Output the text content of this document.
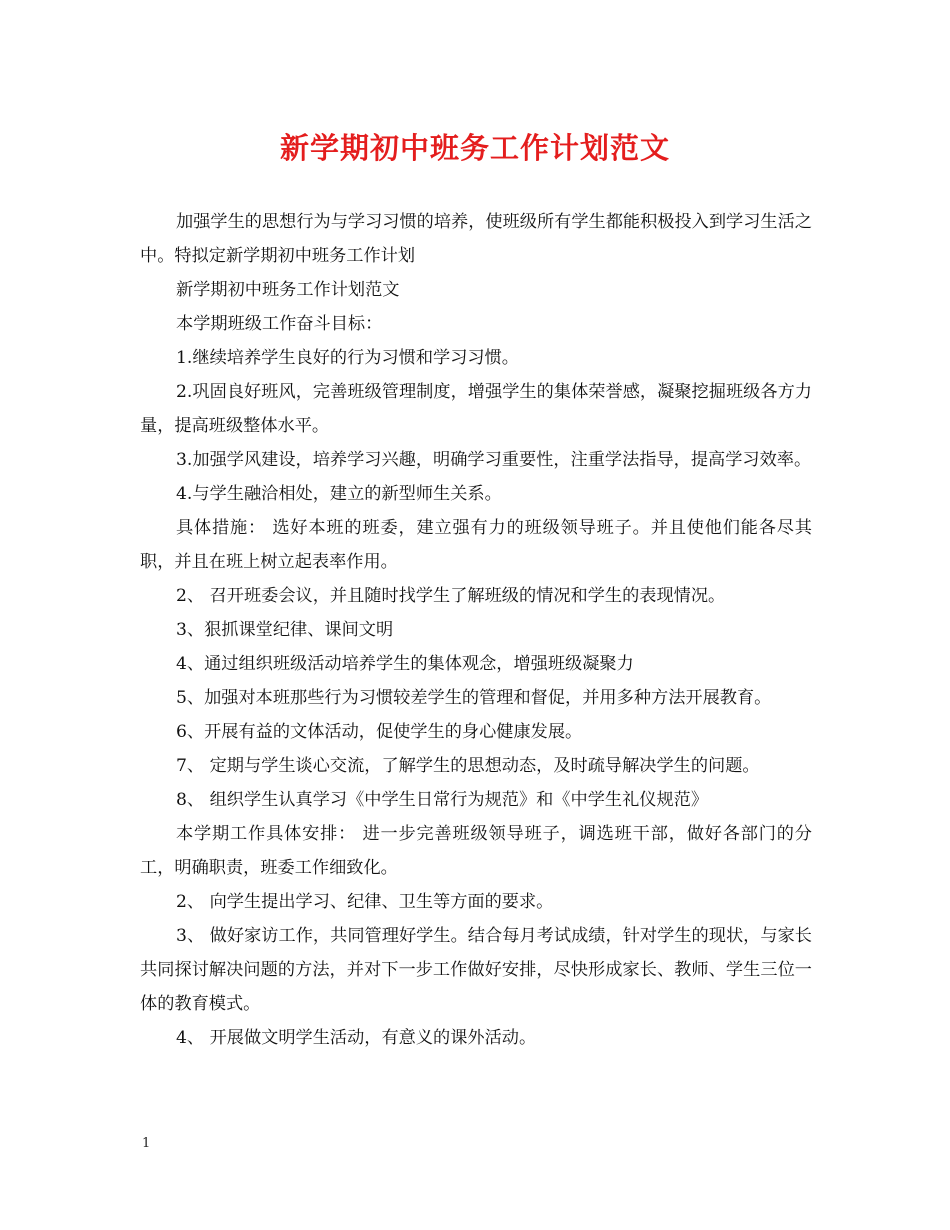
新学期初中班务工作计划范文

加强学生的思想行为与学习习惯的培养，使班级所有学生都能积极投入到学习生活之中。特拟定新学期初中班务工作计划

新学期初中班务工作计划范文

本学期班级工作奋斗目标：

1.继续培养学生良好的行为习惯和学习习惯。

2.巩固良好班风，完善班级管理制度，增强学生的集体荣誉感，凝聚挖掘班级各方力量，提高班级整体水平。

3.加强学风建设，培养学习兴趣，明确学习重要性，注重学法指导，提高学习效率。

4.与学生融洽相处，建立的新型师生关系。

具体措施： 选好本班的班委，建立强有力的班级领导班子。并且使他们能各尽其职，并且在班上树立起表率作用。

2、 召开班委会议，并且随时找学生了解班级的情况和学生的表现情况。

3、狠抓课堂纪律、课间文明

4、通过组织班级活动培养学生的集体观念，增强班级凝聚力

5、加强对本班那些行为习惯较差学生的管理和督促，并用多种方法开展教育。

6、开展有益的文体活动，促使学生的身心健康发展。

7、 定期与学生谈心交流，了解学生的思想动态，及时疏导解决学生的问题。

8、 组织学生认真学习《中学生日常行为规范》和《中学生礼仪规范》

本学期工作具体安排： 进一步完善班级领导班子，调选班干部，做好各部门的分工，明确职责，班委工作细致化。

2、 向学生提出学习、纪律、卫生等方面的要求。

3、 做好家访工作，共同管理好学生。结合每月考试成绩，针对学生的现状，与家长共同探讨解决问题的方法，并对下一步工作做好安排，尽快形成家长、教师、学生三位一体的教育模式。

4、 开展做文明学生活动，有意义的课外活动。

1
